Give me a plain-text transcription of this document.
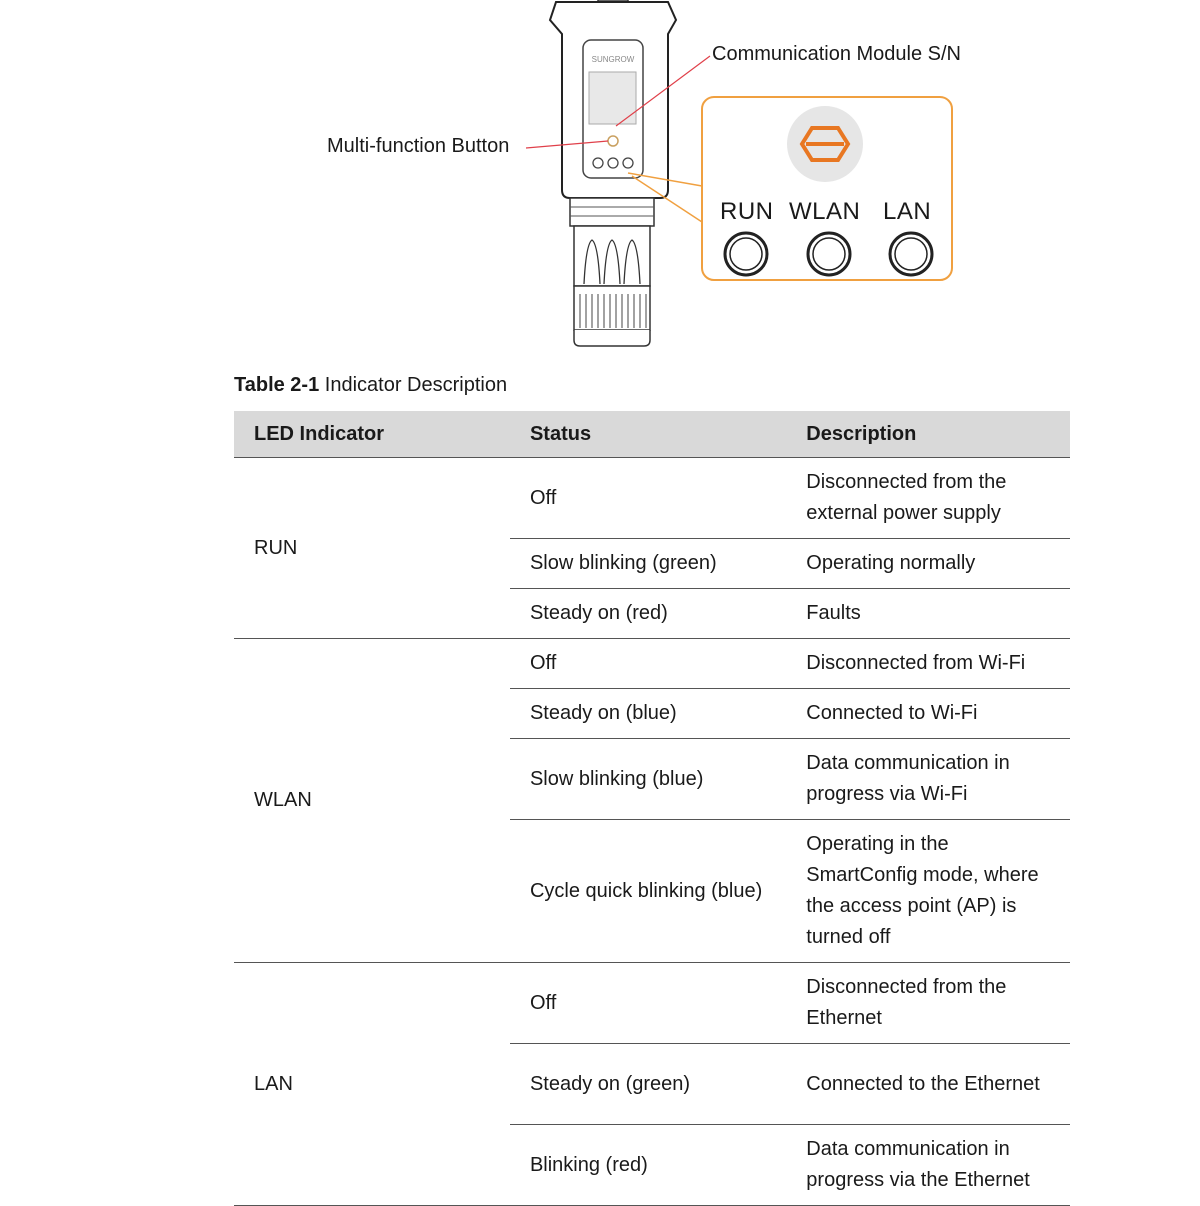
SUNGROW	Communication Module S/N
Multi-function Button
RUN WLAN LAN
Table 2-1 Indicator Description
LED Indicator	Status	Description
RUN	Off	Disconnected from the external power supply
	Slow blinking (green)	Operating normally
	Steady on (red)	Faults
WLAN	Off	Disconnected from Wi-Fi
	Steady on (blue)	Connected to Wi-Fi
	Slow blinking (blue)	Data communication in progress via Wi-Fi
	Cycle quick blinking (blue)	Operating in the SmartConfig mode, where the access point (AP) is turned off
LAN	Off	Disconnected from the Ethernet
	Steady on (green)	Connected to the Ethernet
	Blinking (red)	Data communication in progress via the Ethernet
